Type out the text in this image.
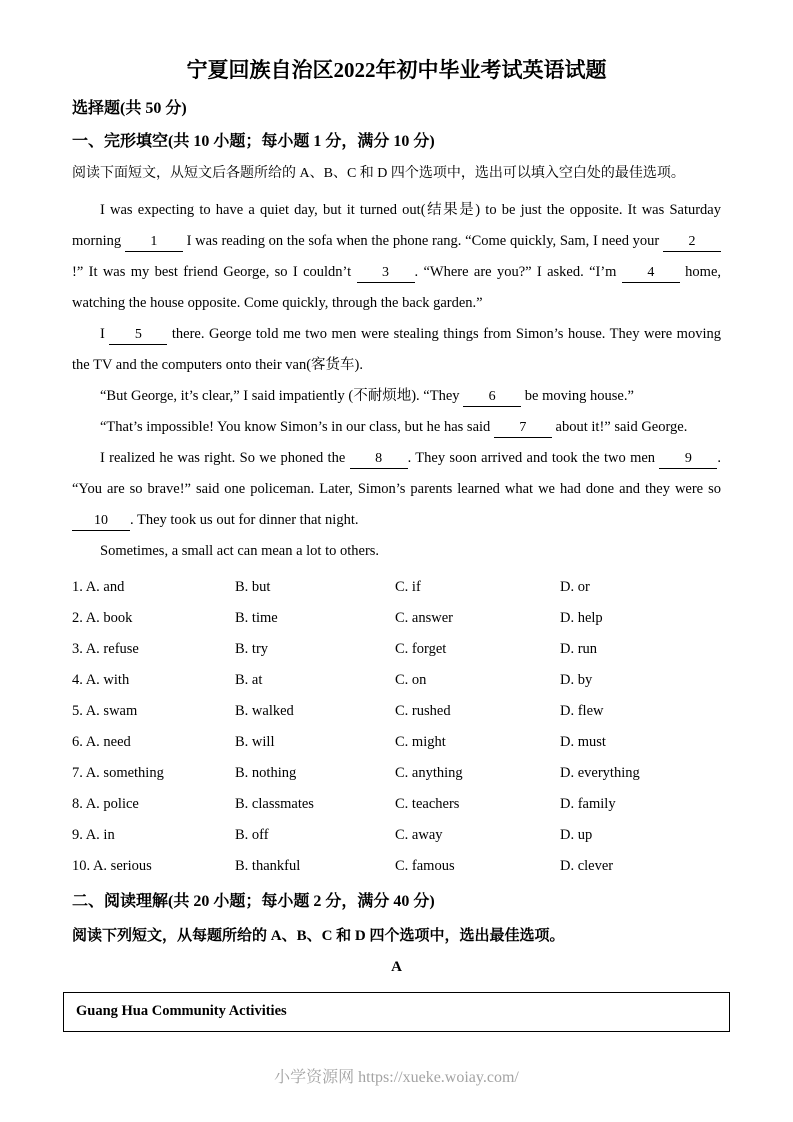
宁夏回族自治区2022年初中毕业考试英语试题
选择题(共 50 分)
一、完形填空(共 10 小题；每小题 1 分，满分 10 分)

阅读下面短文，从短文后各题所给的 A、B、C 和 D 四个选项中，选出可以填入空白处的最佳选项。

I was expecting to have a quiet day, but it turned out(结果是) to be just the opposite. It was Saturday morning 1 I was reading on the sofa when the phone rang. “Come quickly, Sam, I need your 2!” It was my best friend George, so I couldn’t 3 . “Where are you?” I asked. “I’m 4 home, watching the house opposite. Come quickly, through the back garden.”

I 5 there. George told me two men were stealing things from Simon’s house. They were moving the TV and the computers onto their van(客货车).

“But George, it’s clear,” I said impatiently (不耐烦地). “They 6 be moving house.”

“That’s impossible! You know Simon’s in our class, but he has said 7 about it!” said George.

I realized he was right. So we phoned the 8 . They soon arrived and took the two men 9 . “You are so brave!” said one policeman. Later, Simon’s parents learned what we had done and they were so 10 . They took us out for dinner that night.

Sometimes, a small act can mean a lot to others.

1. A. and	B. but	C. if	D. or
2. A. book	B. time	C. answer	D. help
3. A. refuse	B. try	C. forget	D. run
4. A. with	B. at	C. on	D. by
5. A. swam	B. walked	C. rushed	D. flew
6. A. need	B. will	C. might	D. must
7. A. something	B. nothing	C. anything	D. everything
8. A. police	B. classmates	C. teachers	D. family
9. A. in	B. off	C. away	D. up
10. A. serious	B. thankful	C. famous	D. clever
二、阅读理解(共 20 小题；每小题 2 分，满分 40 分)

阅读下列短文，从每题所给的 A、B、C 和 D 四个选项中，选出最佳选项。

A
Guang Hua Community Activities
小学资源网 https://xueke.woiay.com/
